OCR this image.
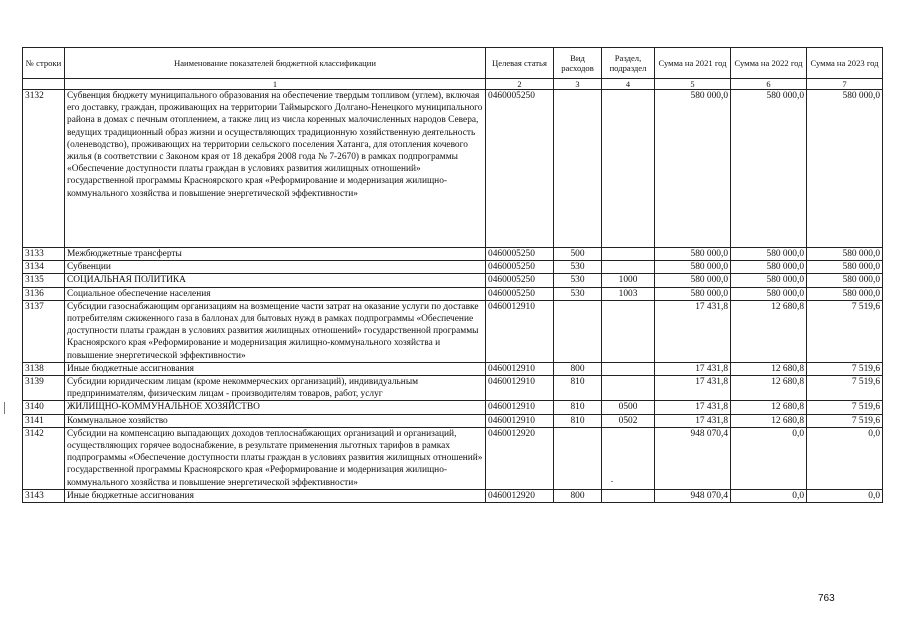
№ строки	Наименование показателей бюджетной классификации	Целевая статья	Вид расходов	Раздел, подраздел	Сумма на 2021 год	Сумма на 2022 год	Сумма на 2023 год
	1	2	3	4	5	6	7
3132	Субвенция бюджету муниципального образования на обеспечение твердым топливом (углем), включая его доставку, граждан, проживающих на территории Таймырского Долгано-Ненецкого муниципального района в домах с печным отоплением, а также лиц из числа коренных малочисленных народов Севера, ведущих традиционный образ жизни и осуществляющих традиционную хозяйственную деятельность (оленеводство), проживающих на территории сельского поселения Хатанга, для отопления кочевого жилья (в соответствии с Законом края от 18 декабря 2008 года № 7-2670) в рамках подпрограммы «Обеспечение доступности платы граждан в условиях развития жилищных отношений» государственной программы Красноярского края «Реформирование и модернизация жилищно-коммунального хозяйства и повышение энергетической эффективности»	0460005250			580 000,0	580 000,0	580 000,0
3133	Межбюджетные трансферты	0460005250	500		580 000,0	580 000,0	580 000,0
3134	Субвенции	0460005250	530		580 000,0	580 000,0	580 000,0
3135	СОЦИАЛЬНАЯ ПОЛИТИКА	0460005250	530	1000	580 000,0	580 000,0	580 000,0
3136	Социальное обеспечение населения	0460005250	530	1003	580 000,0	580 000,0	580 000,0
3137	Субсидии газоснабжающим организациям на возмещение части затрат на оказание услуги по доставке потребителям сжиженного газа в баллонах для бытовых нужд в рамках подпрограммы «Обеспечение доступности платы граждан в условиях развития жилищных отношений» государственной программы Красноярского края «Реформирование и модернизация жилищно-коммунального хозяйства и повышение энергетической эффективности»	0460012910			17 431,8	12 680,8	7 519,6
3138	Иные бюджетные ассигнования	0460012910	800		17 431,8	12 680,8	7 519,6
3139	Субсидии юридическим лицам (кроме некоммерческих организаций), индивидуальным предпринимателям, физическим лицам - производителям товаров, работ, услуг	0460012910	810		17 431,8	12 680,8	7 519,6
3140	ЖИЛИЩНО-КОММУНАЛЬНОЕ ХОЗЯЙСТВО	0460012910	810	0500	17 431,8	12 680,8	7 519,6
3141	Коммунальное хозяйство	0460012910	810	0502	17 431,8	12 680,8	7 519,6
3142	Субсидии на компенсацию выпадающих доходов теплоснабжающих организаций и организаций, осуществляющих горячее водоснабжение, в результате применения льготных тарифов в рамках подпрограммы «Обеспечение доступности платы граждан в условиях развития жилищных отношений» государственной программы Красноярского края «Реформирование и модернизация жилищно-коммунального хозяйства и повышение энергетической эффективности»	0460012920			948 070,4	0,0	0,0
3143	Иные бюджетные ассигнования	0460012920	800		948 070,4	0,0	0,0
763
